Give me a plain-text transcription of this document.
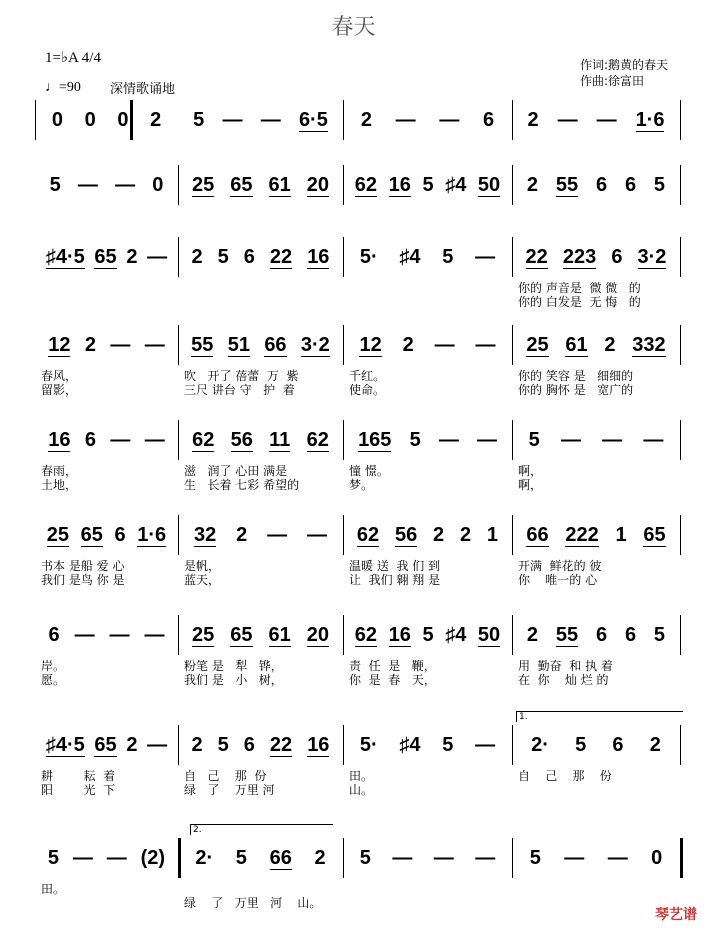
春天
1=♭A 4/4
♩=90 深情歌诵地
作词:鹅黄的春天
作曲:徐富田
0 0 0 2 5 — — 6·5 2 — — 6 2 — — 1·6
5 — — 0 25 65 61 20 62 16 5 ♯4 50 2 55 6 6 5
♯4·5 65 2 — 2 5 6 22 16 5· ♯4 5 — 22 223 6 3·2
你的 声音是  微 微   的
你的 白发是  无 悔   的
12 2 — —
春风，
留影，
55 51 66 3·2
吹   开了 蓓蕾  万  紫
三尺 讲台 守   护  着
12 2 — —
千红。
使命。
25 61 2 332
你的 笑容 是   细细的
你的 胸怀 是   宽广的
16 6 — —
春雨，
土地，
62 56 11 62
滋   润了 心田 满是
生   长着 七彩 希望的
165 5 — —
憧 憬。
梦。
5 — — —
啊，
啊，
25 65 6 1·6
书本 是船 爱 心
我们 是鸟 你 是
32 2 — —
是帆，
蓝天，
62 56 2 2 1
温暖 送  我 们 到
让  我们 翱 翔 是
66 222 1 65
开满  鲜花的 彼
你    唯一的 心
6 — — —
岸。
愿。
25 65 61 20
粉笔 是   犁   铧，
我们 是   小   树，
62 16 5 ♯4 50
责  任  是   鞭，
你  是  春   天，
2 55 6 6 5
用  勤奋  和 执 着
在  你    灿 烂 的
♯4·5 65 2 —
耕        耘  着
阳        光  下
2 5 6 22 16
自   己    那  份
绿   了    万里 河
5· ♯4 5 —
田。
山。
2· 5 6 2
自    己    那    份
1.
5 — — (2)
田。
2· 5 66 2
绿    了   万里   河    山。
5 — — — 5 — — 0
2.
琴艺谱
